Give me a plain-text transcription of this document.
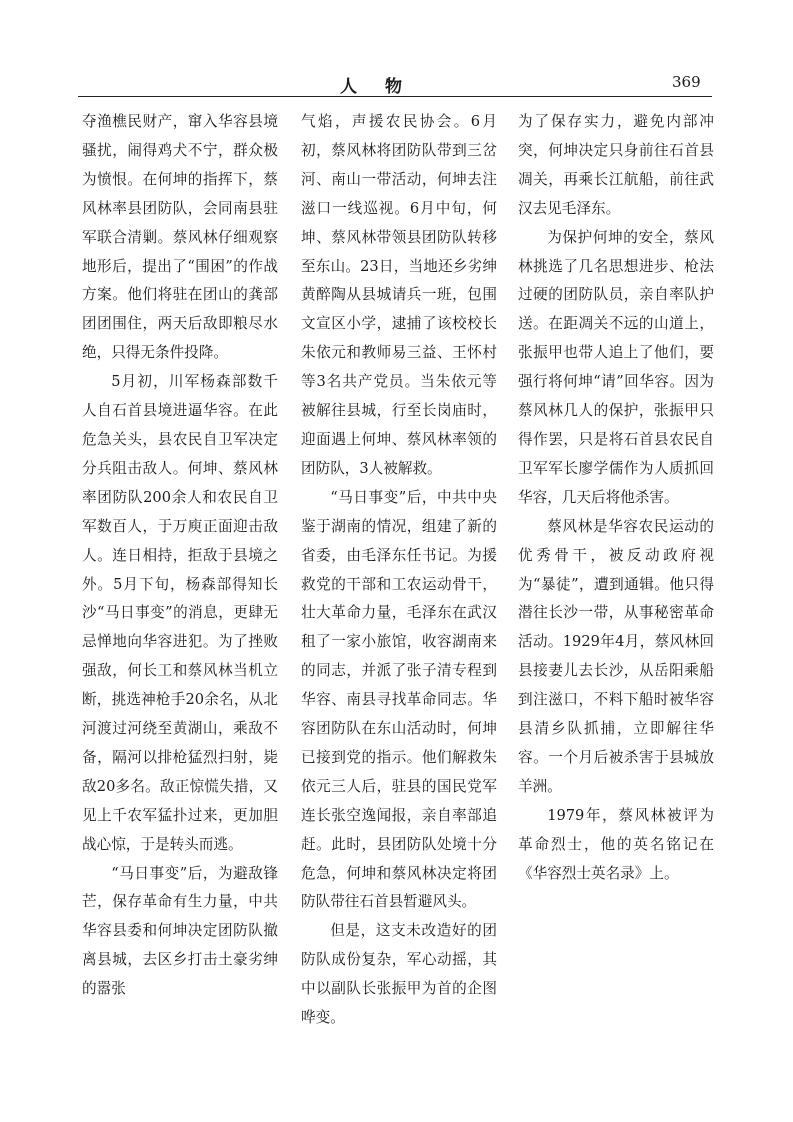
人物	369

夺渔樵民财产，窜入华容县境骚扰，闹得鸡犬不宁，群众极为愤恨。在何坤的指挥下，蔡风林率县团防队，会同南县驻军联合清剿。蔡风林仔细观察地形后，提出了“围困”的作战方案。他们将驻在团山的龚部团团围住，两天后敌即粮尽水绝，只得无条件投降。

5月初，川军杨森部数千人自石首县境进逼华容。在此危急关头，县农民自卫军决定分兵阻击敌人。何坤、蔡风林率团防队200余人和农民自卫军数百人，于万庾正面迎击敌人。连日相持，拒敌于县境之外。5月下旬，杨森部得知长沙“马日事变”的消息，更肆无忌惮地向华容进犯。为了挫败强敌，何长工和蔡风林当机立断，挑选神枪手20余名，从北河渡过河绕至黄湖山，乘敌不备，隔河以排枪猛烈扫射，毙敌20多名。敌正惊慌失措，又见上千农军猛扑过来，更加胆战心惊，于是转头而逃。

“马日事变”后，为避敌锋芒，保存革命有生力量，中共华容县委和何坤决定团防队撤离县城，去区乡打击土豪劣绅的嚣张

气焰，声援农民协会。6月初，蔡风林将团防队带到三岔河、南山一带活动，何坤去注滋口一线巡视。6月中旬，何坤、蔡风林带领县团防队转移至东山。23日，当地还乡劣绅黄醉陶从县城请兵一班，包围文宣区小学，逮捕了该校校长朱依元和教师易三益、王怀村等3名共产党员。当朱依元等被解往县城，行至长岗庙时，迎面遇上何坤、蔡风林率领的团防队，3人被解救。

“马日事变”后，中共中央鉴于湖南的情况，组建了新的省委，由毛泽东任书记。为援救党的干部和工农运动骨干，壮大革命力量，毛泽东在武汉租了一家小旅馆，收容湖南来的同志，并派了张子清专程到华容、南县寻找革命同志。华容团防队在东山活动时，何坤已接到党的指示。他们解救朱依元三人后，驻县的国民党军连长张空逸闻报，亲自率部追赶。此时，县团防队处境十分危急，何坤和蔡风林决定将团防队带往石首县暂避风头。

但是，这支未改造好的团防队成份复杂，军心动摇，其中以副队长张振甲为首的企图哗变。

为了保存实力，避免内部冲突，何坤决定只身前往石首县凋关，再乘长江航船，前往武汉去见毛泽东。

为保护何坤的安全，蔡风林挑选了几名思想进步、枪法过硬的团防队员，亲自率队护送。在距凋关不远的山道上，张振甲也带人追上了他们，要强行将何坤“请”回华容。因为蔡风林几人的保护，张振甲只得作罢，只是将石首县农民自卫军军长廖学儒作为人质抓回华容，几天后将他杀害。

蔡风林是华容农民运动的优秀骨干，被反动政府视为“暴徒”，遭到通辑。他只得潜往长沙一带，从事秘密革命活动。1929年4月，蔡风林回县接妻儿去长沙，从岳阳乘船到注滋口，不料下船时被华容县清乡队抓捕，立即解往华容。一个月后被杀害于县城放羊洲。

1979年，蔡风林被评为革命烈士，他的英名铭记在《华容烈士英名录》上。
